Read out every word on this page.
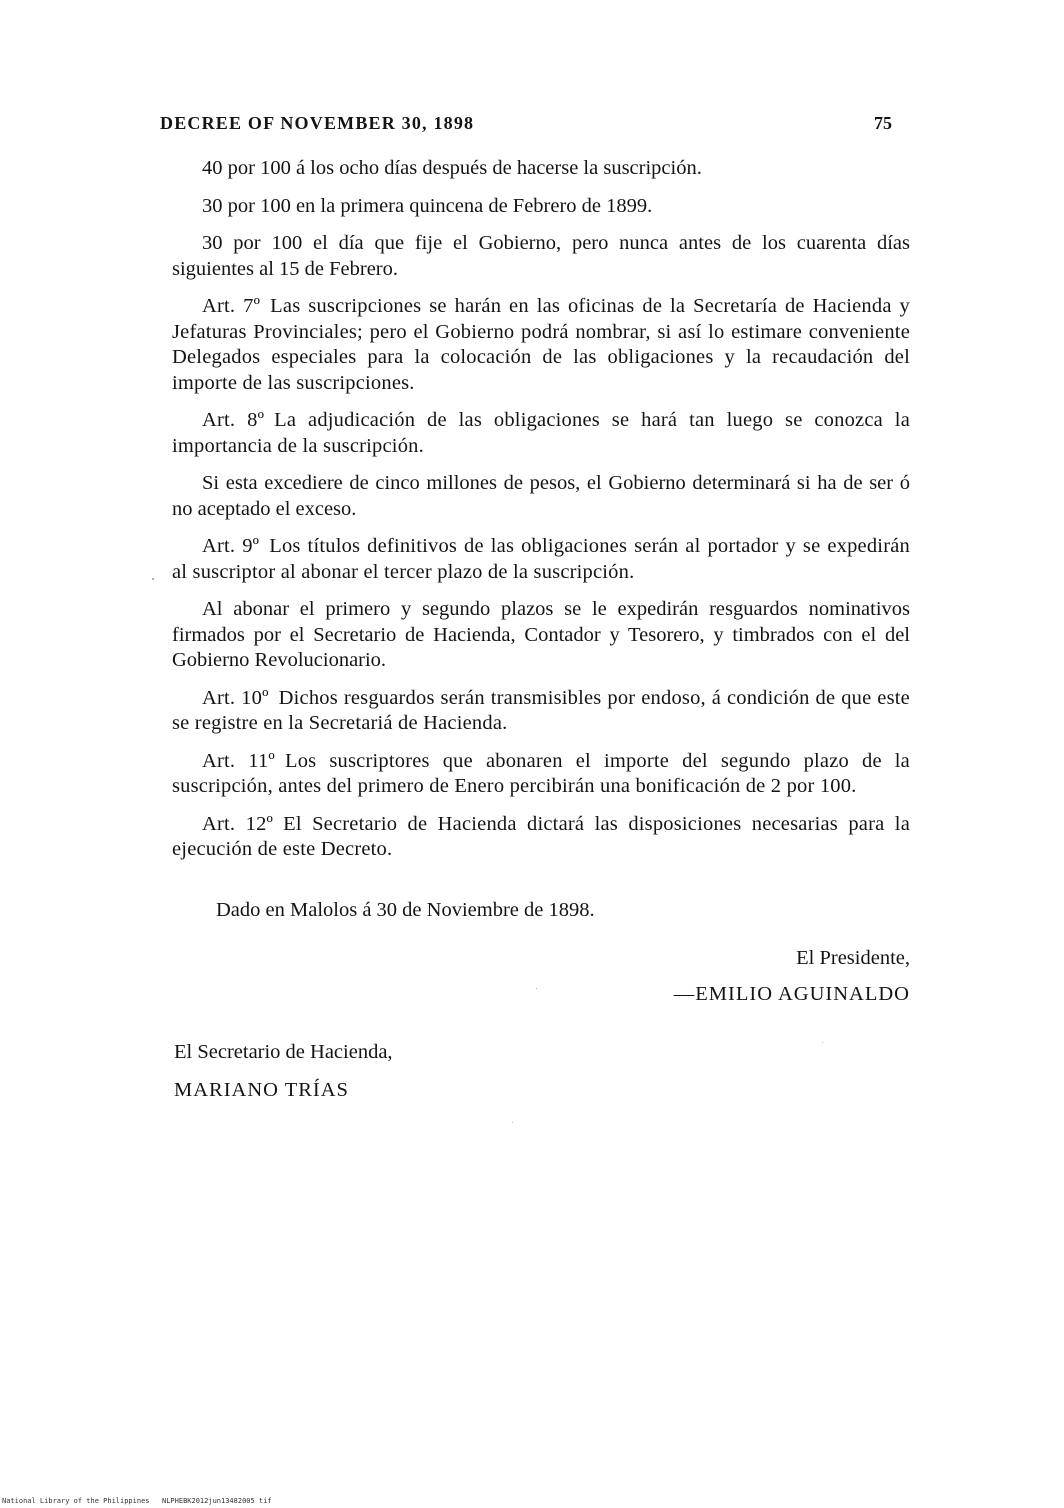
DECREE OF NOVEMBER 30, 1898	75

40 por 100 á los ocho días después de hacerse la suscripción.

30 por 100 en la primera quincena de Febrero de 1899.

30 por 100 el día que fije el Gobierno, pero nunca antes de los cuarenta días siguientes al 15 de Febrero.

Art. 7º Las suscripciones se harán en las oficinas de la Secretaría de Hacienda y Jefaturas Provinciales; pero el Gobierno podrá nombrar, si así lo estimare conveniente Delegados especiales para la colocación de las obligaciones y la recaudación del importe de las suscripciones.

Art. 8º La adjudicación de las obligaciones se hará tan luego se conozca la importancia de la suscripción.

Si esta excediere de cinco millones de pesos, el Gobierno determinará si ha de ser ó no aceptado el exceso.

Art. 9º Los títulos definitivos de las obligaciones serán al portador y se expedirán al suscriptor al abonar el tercer plazo de la suscripción.

Al abonar el primero y segundo plazos se le expedirán resguardos nominativos firmados por el Secretario de Hacienda, Contador y Tesorero, y timbrados con el del Gobierno Revolucionario.

Art. 10º Dichos resguardos serán transmisibles por endoso, á condición de que este se registre en la Secretariá de Hacienda.

Art. 11º Los suscriptores que abonaren el importe del segundo plazo de la suscripción, antes del primero de Enero percibirán una bonificación de 2 por 100.

Art. 12º El Secretario de Hacienda dictará las disposiciones necesarias para la ejecución de este Decreto.

Dado en Malolos á 30 de Noviembre de 1898.
El Presidente,
—EMILIO AGUINALDO
El Secretario de Hacienda,
MARIANO TRÍAS
National Library of the Philippines NLPHEBK2012jun13482005 tif
